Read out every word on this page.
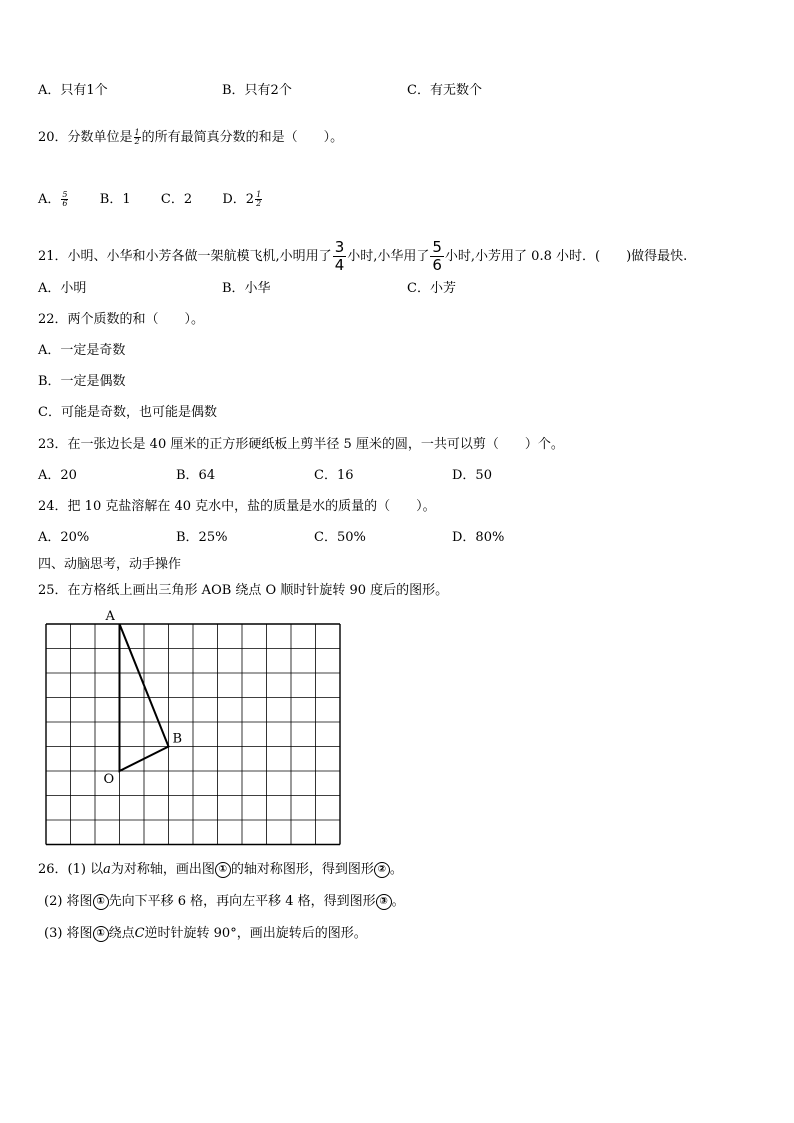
A．只有1个	B．只有2个	C．有无数个
20．分数单位是 $\frac{1}{2}$ 的所有最简真分数的和是（　　）。
A． $\frac{5}{6}$ B．1 C．2 D．$2 \frac{1}{2}$
21．小明、小华和小芳各做一架航模飞机,小明用了 $\frac{3}{4}$ 小时,小华用了 $\frac{5}{6}$ 小时,小芳用了 0.8 小时．(　　)做得最快.
A．小明	B．小华	C．小芳
22．两个质数的和（　　）。
A．一定是奇数
B．一定是偶数
C．可能是奇数，也可能是偶数
23．在一张边长是 40 厘米的正方形硬纸板上剪半径 5 厘米的圆，一共可以剪（　　）个。
A．20	B．64	C．16	D．50
24．把 10 克盐溶解在 40 克水中，盐的质量是水的质量的（　　）。
A．20%	B．25%	C．50%	D．80%
四、动脑思考，动手操作
25．在方格纸上画出三角形 AOB 绕点 O 顺时针旋转 90 度后的图形。
A
B
O
26．(1) 以a为对称轴，画出图 ① 的轴对称图形，得到图形 ② 。
(2) 将图 ① 先向下平移 6 格，再向左平移 4 格，得到图形 ③ 。
(3) 将图 ① 绕点C逆时针旋转 90°，画出旋转后的图形。
